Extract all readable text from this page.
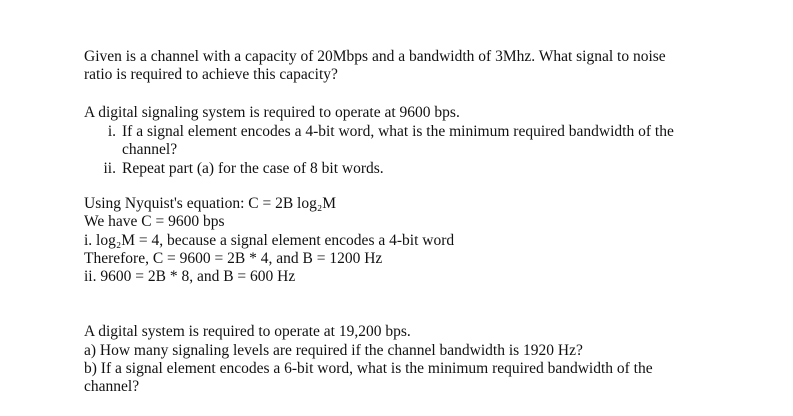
Given is a channel with a capacity of 20Mbps and a bandwidth of 3Mhz. What signal to noise
ratio is required to achieve this capacity?
A digital signaling system is required to operate at 9600 bps.
i. If a signal element encodes a 4-bit word, what is the minimum required bandwidth of the
channel?
ii. Repeat part (a) for the case of 8 bit words.
Using Nyquist's equation: C = 2B log₂M
We have C = 9600 bps
i. log₂M = 4, because a signal element encodes a 4-bit word
Therefore, C = 9600 = 2B * 4, and B = 1200 Hz
ii. 9600 = 2B * 8, and B = 600 Hz
A digital system is required to operate at 19,200 bps.
a) How many signaling levels are required if the channel bandwidth is 1920 Hz?
b) If a signal element encodes a 6-bit word, what is the minimum required bandwidth of the
channel?
